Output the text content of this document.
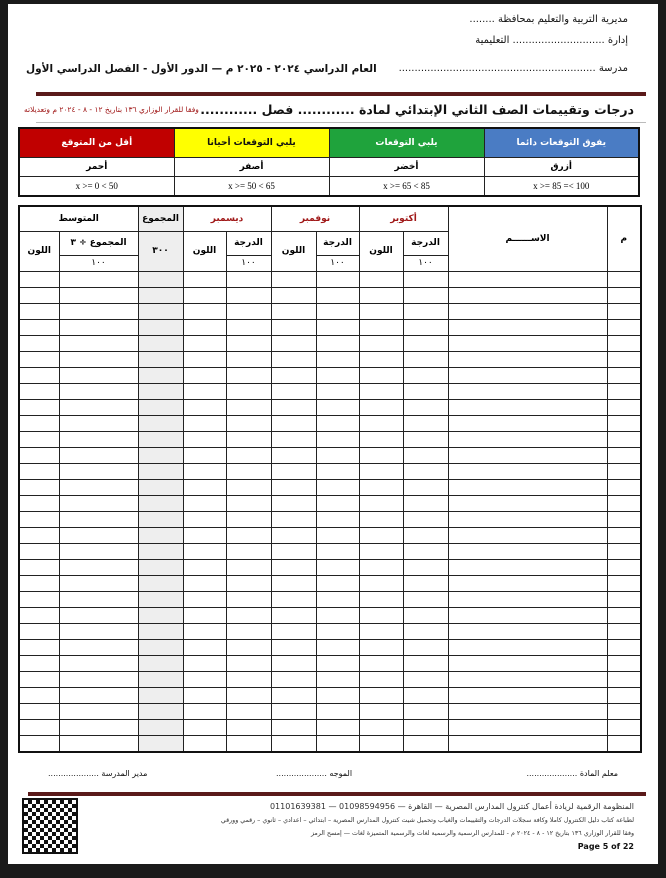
مديرية التربية والتعليم بمحافظة ........
إدارة ............................. التعليمية
مدرسة ..............................................................
العام الدراسي ٢٠٢٤ - ٢٠٢٥ م — الدور الأول - الفصل الدراسي الأول
درجات وتقييمات الصف الثاني الإبتدائي لمادة ............ فصل ............
وفقا للقرار الوزاري ١٣٦ بتاريخ ١٢ - ٨ - ٢٠٢٤ م وتعديلاته
يفوق التوقعات دائما	يلبي التوقعات	يلبي التوقعات أحيانا	أقل من المتوقع
أزرق	أخضر	أصفر	أحمر
100 >= x >= 85	85 > x >= 65	65 > x >= 50	50 > x >= 0
م	الاســــــم	أكتوبر		نوفمبر		ديسمبر		المجموع	المتوسط	
		الدرجة	اللون	الدرجة	اللون	الدرجة	اللون	٣٠٠	المجموع ÷ ٣	اللون
		١٠٠		١٠٠		١٠٠			١٠٠	

معلم المادة ....................
الموجه ....................
مدير المدرسة ....................
المنظومة الرقمية لريادة أعمال كنترول المدارس المصرية — القاهرة — 01098594956 — 01101639381
لطباعة كتاب دليل الكنترول كاملا وكافة سجلات الدرجات والتقييمات والغياب وتحميل شيت كنترول المدارس المصرية – ابتدائي – اعدادي – ثانوي – رقمي وورقي
وفقا للقرار الوزاري ١٣٦ بتاريخ ١٢ - ٨ - ٢٠٢٤ م - للمدارس الرسمية والرسمية لغات والرسمية المتميزة لغات — إمسح الرمز
Page 5 of 22
